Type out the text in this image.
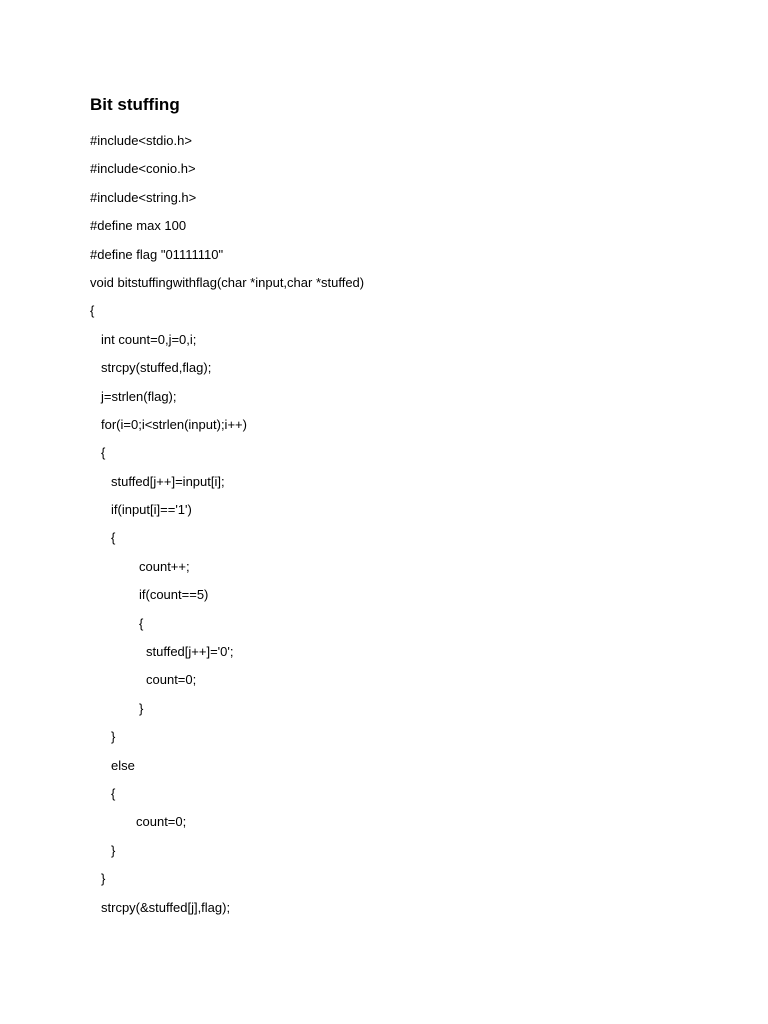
Bit stuffing
#include<stdio.h>
#include<conio.h>
#include<string.h>
#define max 100
#define flag "01111110"
void bitstuffingwithflag(char *input,char *stuffed)
{
int count=0,j=0,i;
strcpy(stuffed,flag);
j=strlen(flag);
for(i=0;i<strlen(input);i++)
{
stuffed[j++]=input[i];
if(input[i]=='1')
{
count++;
if(count==5)
{
stuffed[j++]='0';
count=0;
}
}
else
{
count=0;
}
}
strcpy(&stuffed[j],flag);
